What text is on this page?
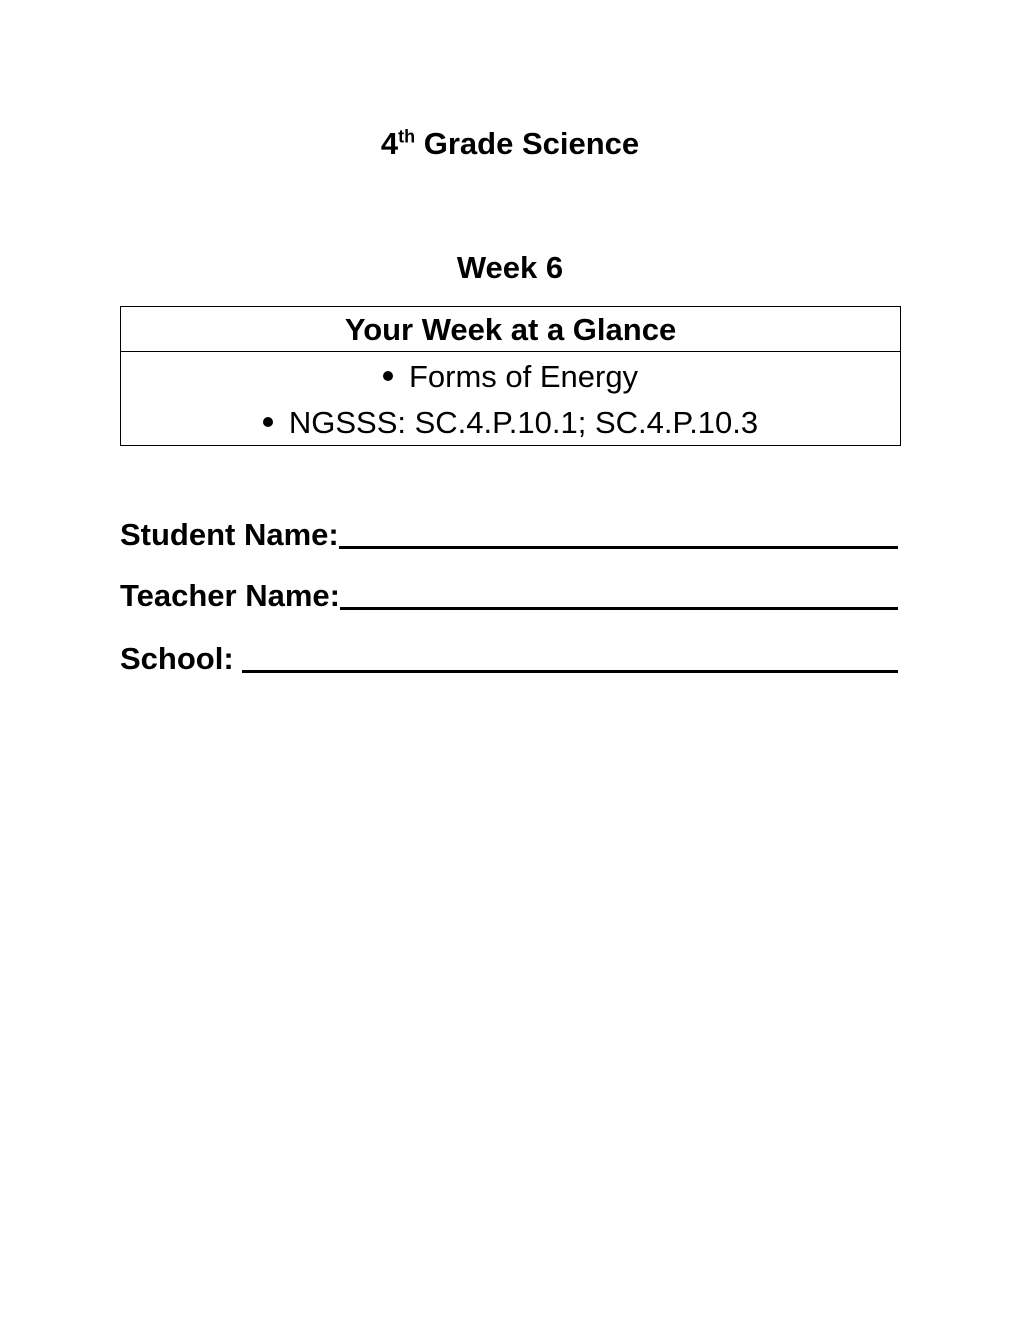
4th Grade Science
Week 6
Your Week at a Glance
Forms of Energy
NGSSS: SC.4.P.10.1; SC.4.P.10.3
Student Name:
Teacher Name:
School:
